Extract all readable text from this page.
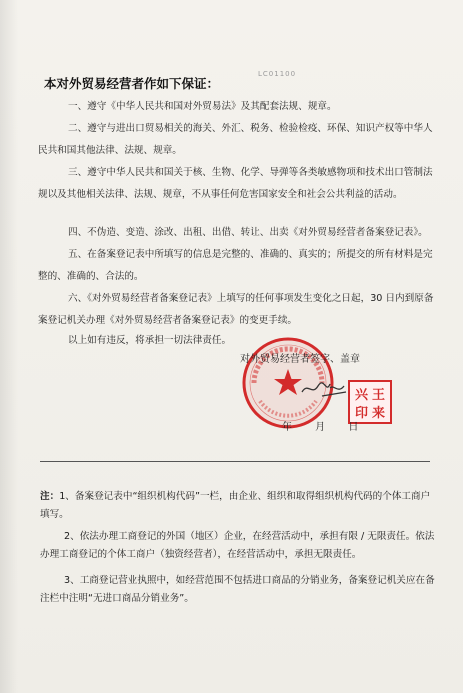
LC01100
本对外贸易经营者作如下保证：

一、遵守《中华人民共和国对外贸易法》及其配套法规、规章。

二、遵守与进出口贸易相关的海关、外汇、税务、检验检疫、环保、知识产权等中华人民共和国其他法律、法规、规章。

三、遵守中华人民共和国关于核、生物、化学、导弹等各类敏感物项和技术出口管制法规以及其他相关法律、法规、规章，不从事任何危害国家安全和社会公共利益的活动。

四、不伪造、变造、涂改、出租、出借、转让、出卖《对外贸易经营者备案登记表》。

五、在备案登记表中所填写的信息是完整的、准确的、真实的；所提交的所有材料是完整的、准确的、合法的。

六、《对外贸易经营者备案登记表》上填写的任何事项发生变化之日起，30 日内到原备案登记机关办理《对外贸易经营者备案登记表》的变更手续。

以上如有违反，将承担一切法律责任。

对外贸易经营者签字、盖章
兴 王
印 来
年 月 日

注：1、备案登记表中“组织机构代码”一栏，由企业、组织和取得组织机构代码的个体工商户填写。

2、依法办理工商登记的外国（地区）企业，在经营活动中，承担有限 / 无限责任。依法办理工商登记的个体工商户（独资经营者），在经营活动中，承担无限责任。

3、工商登记营业执照中，如经营范围不包括进口商品的分销业务，备案登记机关应在备注栏中注明“无进口商品分销业务”。
